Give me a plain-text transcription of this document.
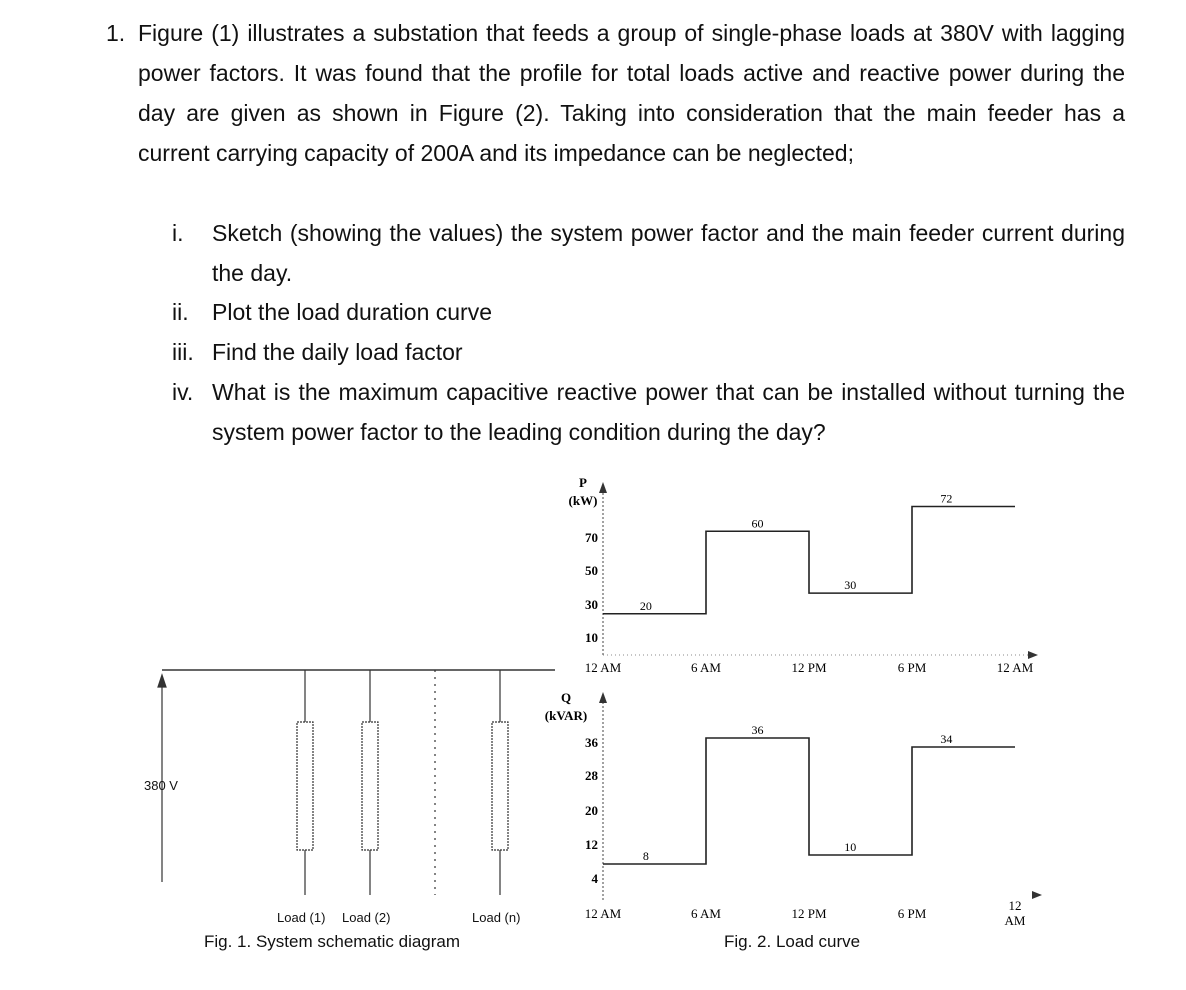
1. Figure (1) illustrates a substation that feeds a group of single-phase loads at 380V with lagging power factors. It was found that the profile for total loads active and reactive power during the day are given as shown in Figure (2). Taking into consideration that the main feeder has a current carrying capacity of 200A and its impedance can be neglected;
i.	Sketch (showing the values) the system power factor and the main feeder current during the day.
ii.	Plot the load duration curve
iii. Find the daily load factor
iv. What is the maximum capacitive reactive power that can be installed without turning the system power factor to the leading condition during the day?
380 V
Load (1) Load (2)	Load (n)
Fig. 1. System schematic diagram
P
(kW)
70
50
30
10
12 AM	6 AM	12 PM	6 PM	12 AM
20
60
30
72
Q
(kVAR)
36
28
20
12
4
12 AM	6 AM	12 PM	6 PM
12
AM
8
36
10
34
Fig. 2. Load curve
